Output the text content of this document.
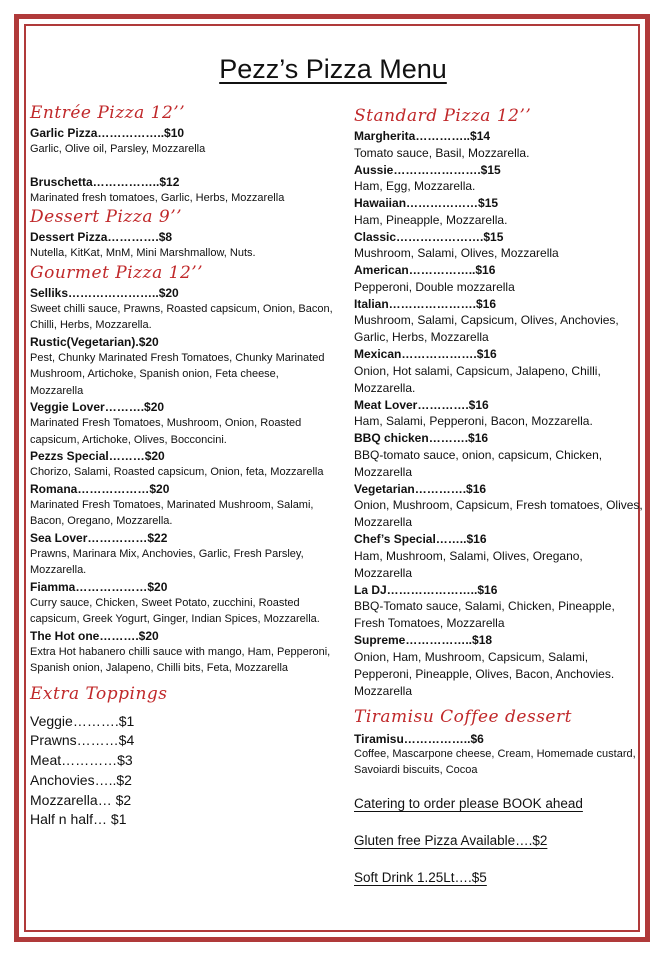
Pezz’s Pizza Menu
Entrée Pizza 12’’
Garlic Pizza……………..$10
Garlic, Olive oil, Parsley, Mozzarella
Bruschetta……………..$12
Marinated fresh tomatoes, Garlic, Herbs, Mozzarella
Dessert Pizza 9’’
Dessert Pizza………….$8
Nutella, KitKat, MnM, Mini Marshmallow, Nuts.
Gourmet Pizza 12’’
Selliks…………………..$20
Sweet chilli sauce, Prawns, Roasted capsicum, Onion, Bacon, Chilli, Herbs, Mozzarella.
Rustic(Vegetarian).$20
Pest, Chunky Marinated Fresh Tomatoes, Chunky Marinated Mushroom, Artichoke, Spanish onion, Feta cheese, Mozzarella
Veggie Lover……….$20
Marinated Fresh Tomatoes, Mushroom, Onion, Roasted capsicum, Artichoke, Olives, Bocconcini.
Pezzs Special………$20
Chorizo, Salami, Roasted capsicum, Onion, feta, Mozzarella
Romana………………$20
Marinated Fresh Tomatoes, Marinated Mushroom, Salami, Bacon, Oregano, Mozzarella.
Sea Lover……………$22
Prawns, Marinara Mix, Anchovies, Garlic, Fresh Parsley, Mozzarella.
Fiamma………………$20
Curry sauce, Chicken, Sweet Potato, zucchini, Roasted capsicum, Greek Yogurt, Ginger, Indian Spices, Mozzarella.
The Hot one……….$20
Extra Hot habanero chilli sauce with mango, Ham, Pepperoni, Spanish onion, Jalapeno, Chilli bits, Feta, Mozzarella
Extra Toppings
Veggie……….$1
Prawns………$4
Meat…………$3
Anchovies…..$2
Mozzarella… $2
Half n half… $1
Standard Pizza 12’’
Margherita…………..$14
Tomato sauce, Basil, Mozzarella.
Aussie………………….$15
Ham, Egg, Mozzarella.
Hawaiian………………$15
Ham, Pineapple, Mozzarella.
Classic………………….$15
Mushroom, Salami, Olives, Mozzarella
American……………..$16
Pepperoni, Double mozzarella
Italian………………….$16
Mushroom, Salami, Capsicum, Olives, Anchovies, Garlic, Herbs, Mozzarella
Mexican……………….$16
Onion, Hot salami, Capsicum, Jalapeno, Chilli, Mozzarella.
Meat Lover………….$16
Ham, Salami, Pepperoni, Bacon, Mozzarella.
BBQ chicken……….$16
BBQ-tomato sauce, onion, capsicum, Chicken, Mozzarella
Vegetarian………….$16
Onion, Mushroom, Capsicum, Fresh tomatoes, Olives, Mozzarella
Chef’s Special……..$16
Ham, Mushroom, Salami, Olives, Oregano, Mozzarella
La DJ…………………..$16
BBQ-Tomato sauce, Salami, Chicken, Pineapple, Fresh Tomatoes, Mozzarella
Supreme……………..$18
Onion, Ham, Mushroom, Capsicum, Salami, Pepperoni, Pineapple, Olives, Bacon, Anchovies. Mozzarella
Tiramisu Coffee dessert
Tiramisu……………..$6
Coffee, Mascarpone cheese, Cream, Homemade custard, Savoiardi biscuits, Cocoa
Catering to order please BOOK ahead
Gluten free Pizza Available….$2
Soft Drink 1.25Lt….$5
